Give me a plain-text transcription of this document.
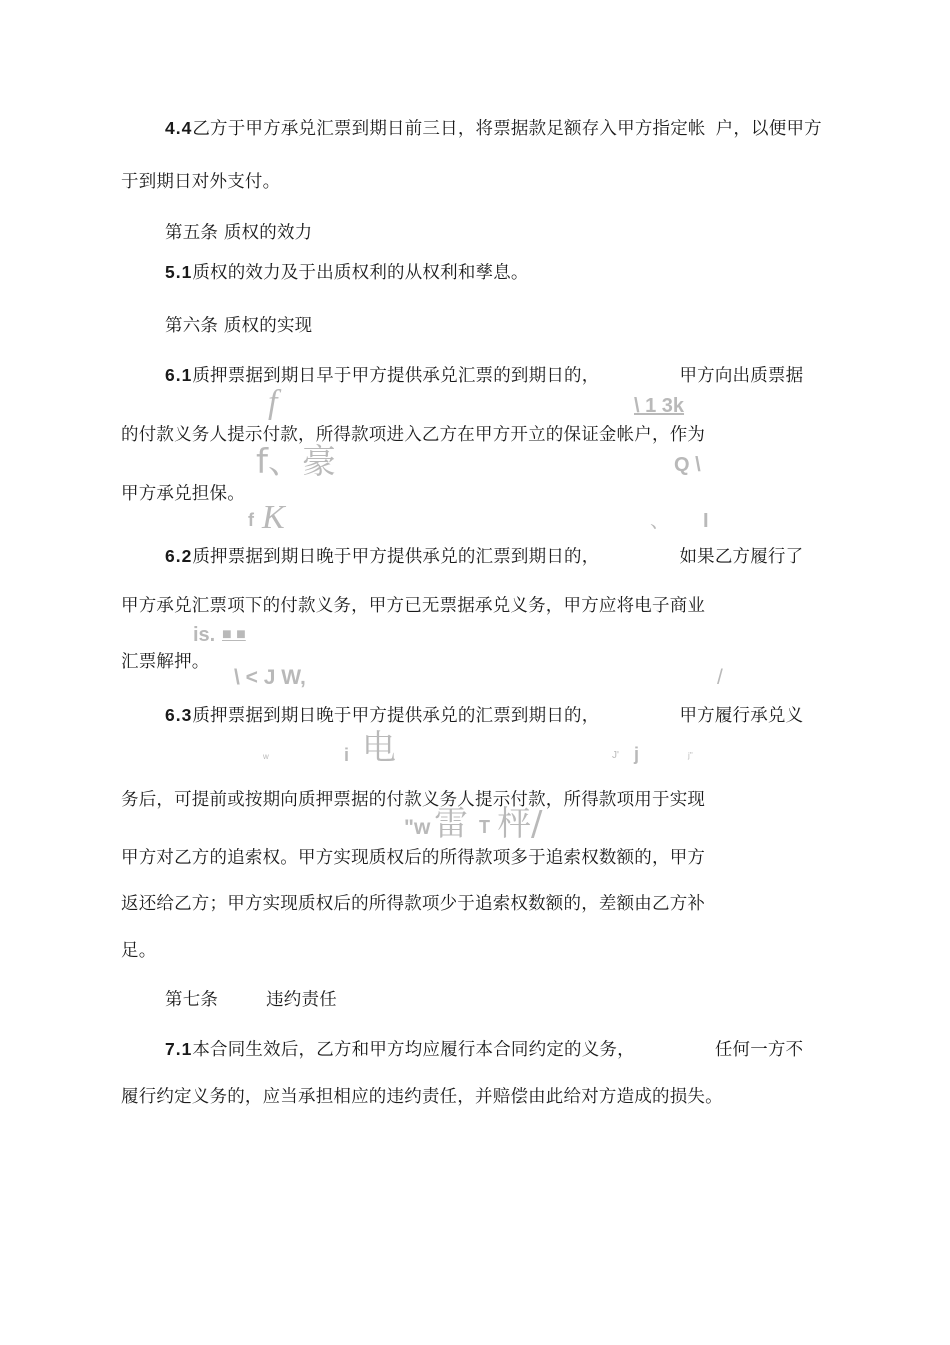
4.4乙方于甲方承兑汇票到期日前三日，将票据款足额存入甲方指定帐 户，以便甲方
于到期日对外支付。
第五条 质权的效力
5.1质权的效力及于出质权利的从权利和孳息。
第六条 质权的实现
6.1质押票据到期日早于甲方提供承兑汇票的到期日的，	甲方向出质票据
的付款义务人提示付款，所得款项进入乙方在甲方开立的保证金帐户，作为
甲方承兑担保。
6.2质押票据到期日晚于甲方提供承兑的汇票到期日的，	如果乙方履行了
甲方承兑汇票项下的付款义务，甲方已无票据承兑义务，甲方应将电子商业
汇票解押。
6.3质押票据到期日晚于甲方提供承兑的汇票到期日的，	甲方履行承兑义
务后，可提前或按期向质押票据的付款义务人提示付款，所得款项用于实现
甲方对乙方的追索权。甲方实现质权后的所得款项多于追索权数额的，甲方
返还给乙方；甲方实现质权后的所得款项少于追索权数额的，差额由乙方补
足。
第七条	违约责任
7.1本合同生效后，乙方和甲方均应履行本合同约定的义务，	任何一方不
履行约定义务的，应当承担相应的违约责任，并赔偿由此给对方造成的损失。
f	\ 1 3k
f、豪	Q \
f K	、 I
is. ■ ■
\ < J W,	/
w	i 电	J' j	j''
"w 雷 T 枰/
